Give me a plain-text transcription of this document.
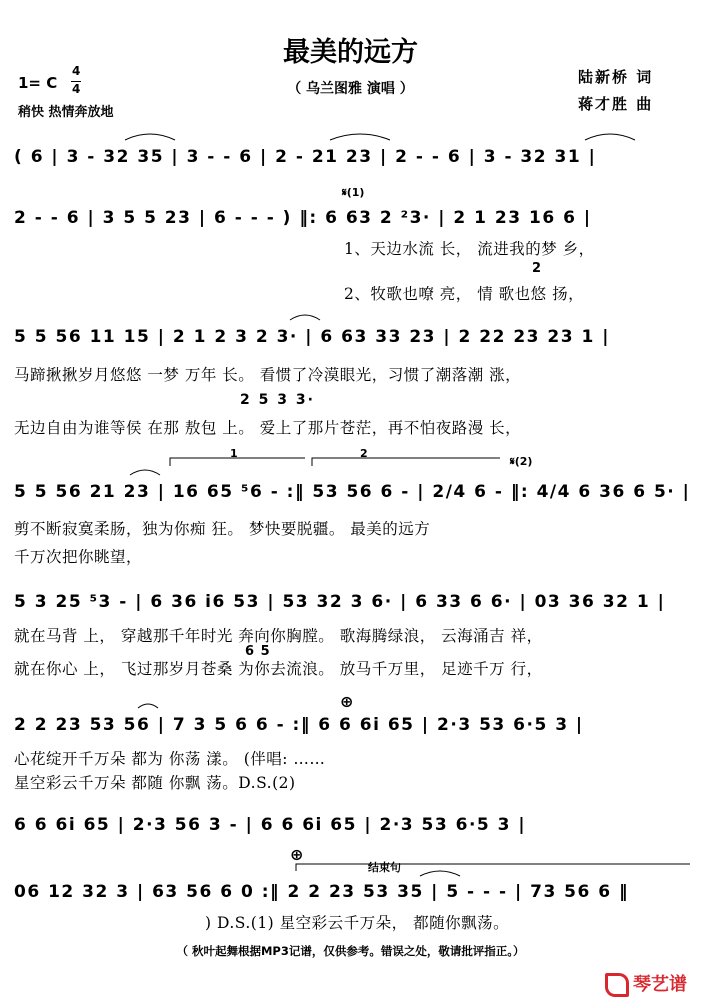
最美的远方
（ 乌兰图雅 演唱 ）
1= C
4
4
稍快 热情奔放地
陆新桥 词
蒋才胜 曲
( 6 | 3 - 32 35 | 3 - - 6 | 2 - 21 23 | 2 - - 6 | 3 - 32 31 |
𝄋(1)
2 - - 6 | 3 5 5 23 | 6 - - - ) ‖: 6 63 2 ²3· | 2 1 23 16 6 |
1、天边水流 长， 流进我的梦 乡，
2
2、牧歌也嘹 亮， 情 歌也悠 扬，
5 5 56 11 15 | 2 1 2 3 2 3· | 6 63 33 23 | 2 22 23 23 1 |
马蹄揪揪岁月悠悠 一梦 万年 长。 看惯了冷漠眼光，习惯了潮落潮 涨，
2 5 3 3·
无边自由为谁等侯 在那 敖包 上。 爱上了那片苍茫，再不怕夜路漫 长，
1	2
𝄋(2)
5 5 56 21 23 | 16 65 ⁵6 - :‖ 53 56 6 - | 2/4 6 - ‖: 4/4 6 36 6 5· |
剪不断寂寞柔肠，独为你痴 狂。 梦快要脱疆。 最美的远方
千万次把你眺望，
5 3 25 ⁵3 - | 6 36 i6 53 | 53 32 3 6· | 6 33 6 6· | 03 36 32 1 |
就在马背 上， 穿越那千年时光 奔向你胸膛。 歌海腾绿浪， 云海涌吉 祥，
6 5
就在你心 上， 飞过那岁月苍桑 为你去流浪。 放马千万里， 足迹千万 行，
⊕
2 2 23 53 56 | 7 3 5 6 6 - :‖ 6 6 6i 65 | 2·3 53 6·5 3 |
心花绽开千万朵 都为 你荡 漾。 (伴唱: ……
星空彩云千万朵 都随 你飘 荡。D.S.(2)
6 6 6i 65 | 2·3 56 3 - | 6 6 6i 65 | 2·3 53 6·5 3 |
⊕
结束句
06 12 32 3 | 63 56 6 0 :‖ 2 2 23 53 35 | 5 - - - | 73 56 6 ‖
) D.S.(1) 星空彩云千万朵， 都随你飘荡。
（ 秋叶起舞根据MP3记谱，仅供参考。错误之处，敬请批评指正。）
琴艺谱
